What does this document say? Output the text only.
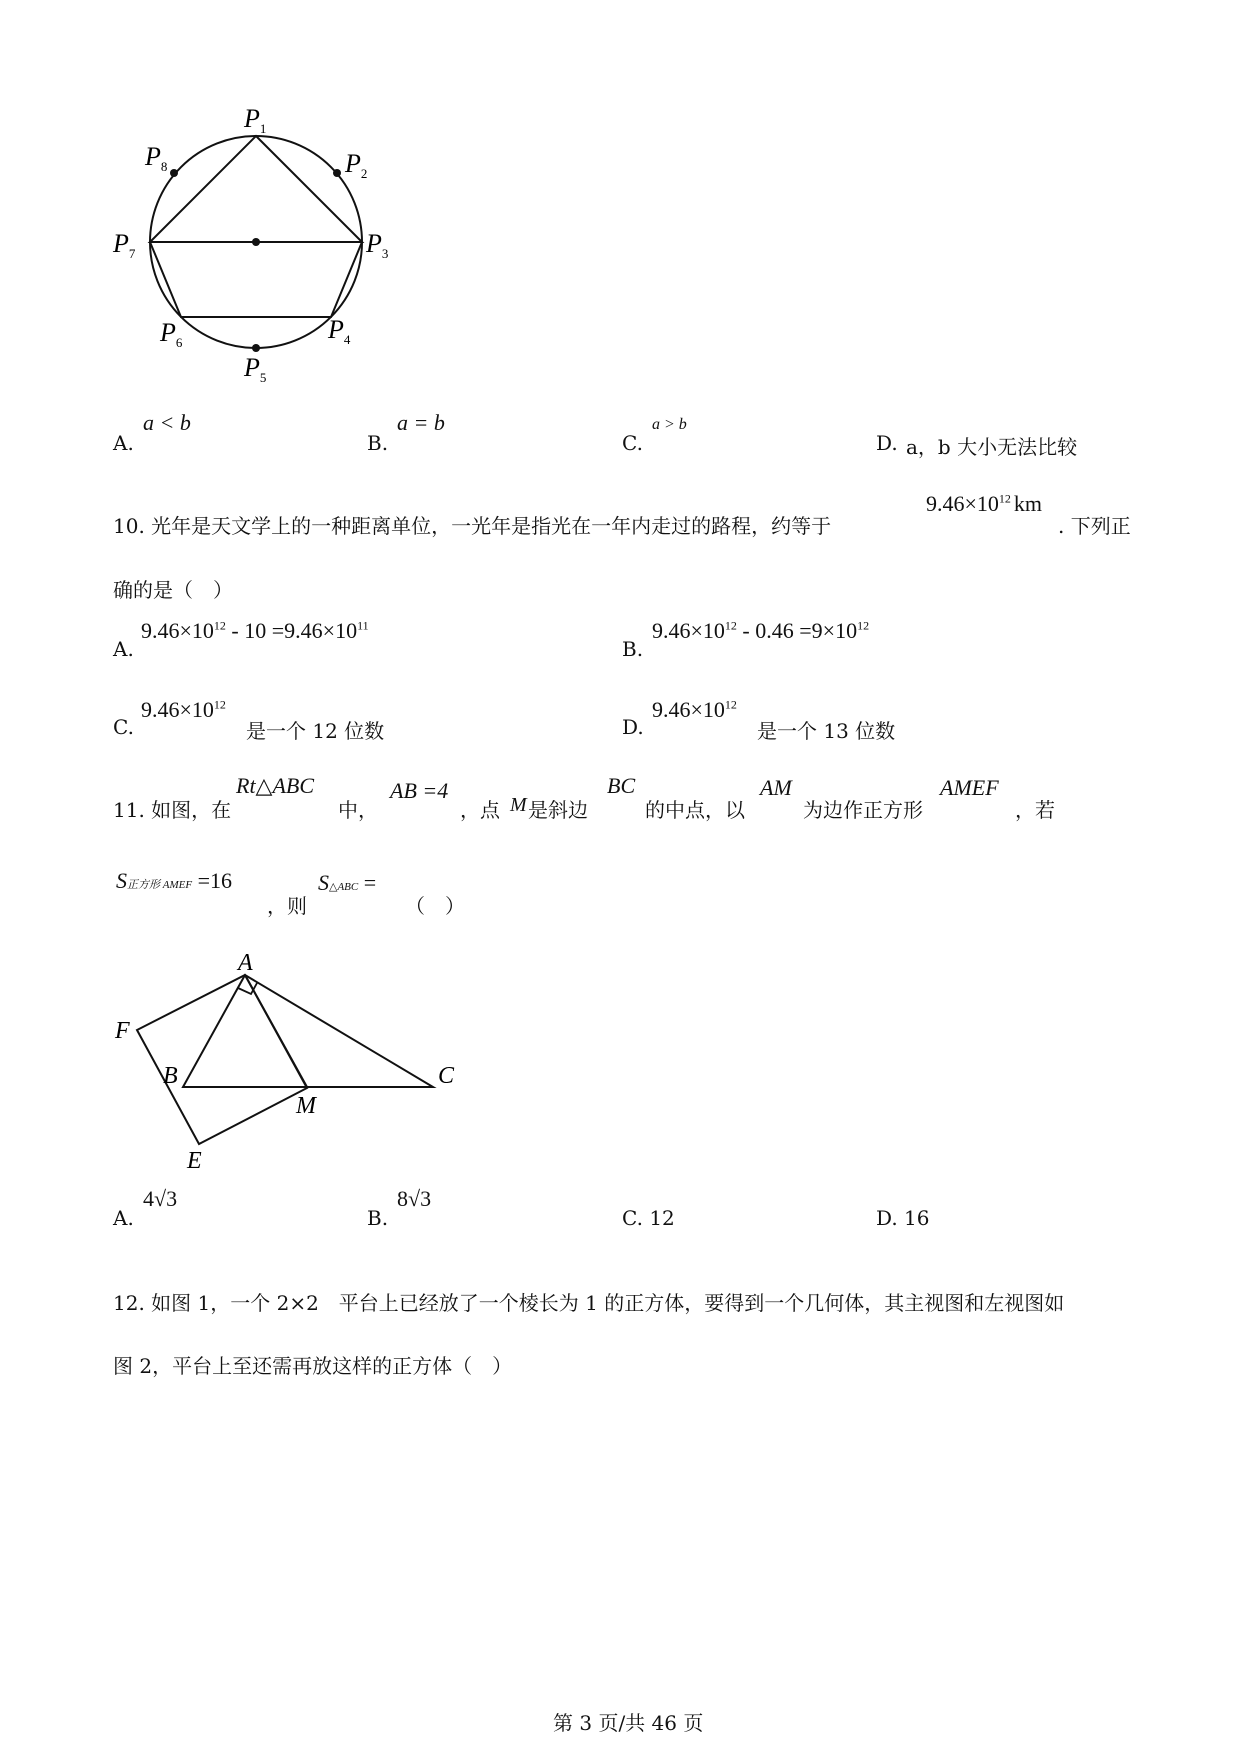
$P_1$
$P_2$
$P_3$
$P_4$
$P_5$
$P_6$
$P_7$
$P_8$
A.
a < b
B.
a = b
C.
a > b
D. a，b 大小无法比较
10. 光年是天文学上的一种距离单位，一光年是指光在一年内走过的路程，约等于
$9.46\times 10^{12}$ km
. 下列正
确的是（　）
A.
$9.46\times 10^{12} - 10 =9.46\times 10^{11}$
B.
$9.46\times 10^{12} - 0.46 =9\times 10^{12}$
C.
$9.46\times 10^{12}$
是一个 12 位数	D.
$9.46\times 10^{12}$
是一个 13 位数
11. 如图，在
Rt△ABC
中，
AB =4
，点 M 是斜边
BC
的中点，以
AM
为边作正方形
AMEF
，若
S正方形 AMEF =16
，则
S△ABC =
（　）
A
B	C
M
E
F
A.
4√3
B.
8√3
C. 12	D. 16
12. 如图 1，一个 2×2　平台上已经放了一个棱长为 1 的正方体，要得到一个几何体，其主视图和左视图如
图 2，平台上至还需再放这样的正方体（　）
第 3 页/共 46 页
